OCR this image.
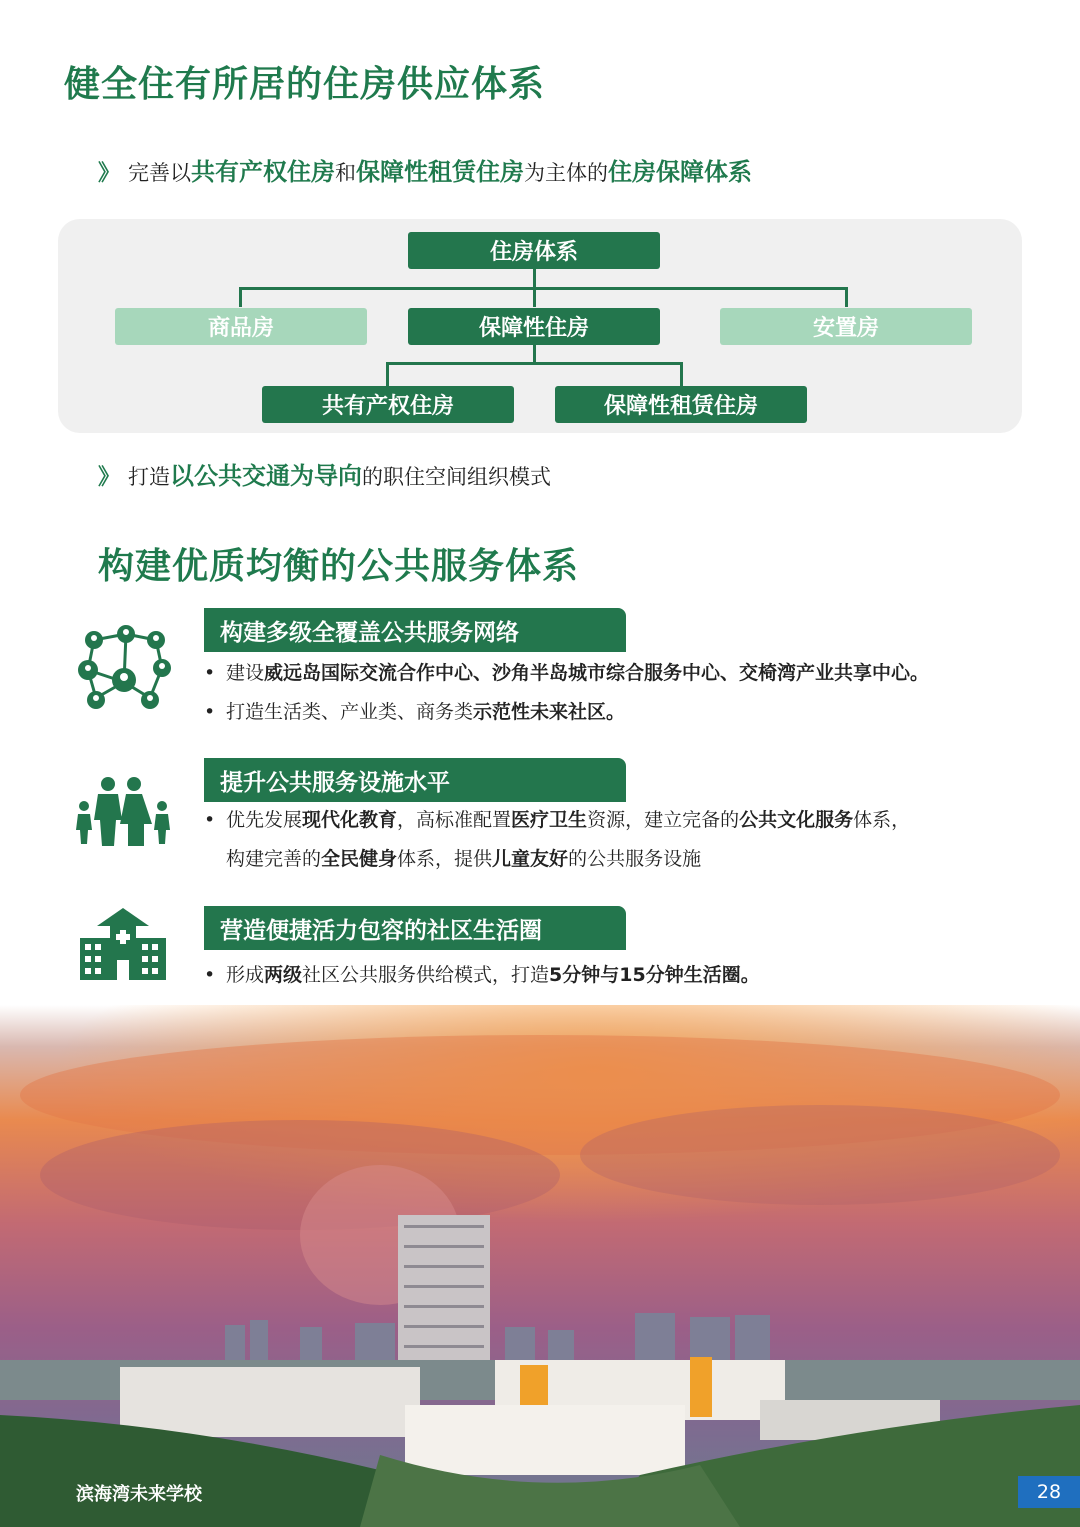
健全住有所居的住房供应体系
》 完善以共有产权住房和保障性租赁住房为主体的住房保障体系
住房体系
商品房	保障性住房	安置房
共有产权住房	保障性租赁住房
》 打造以公共交通为导向的职住空间组织模式
构建优质均衡的公共服务体系
构建多级全覆盖公共服务网络
• 建设威远岛国际交流合作中心、沙角半岛城市综合服务中心、交椅湾产业共享中心。
• 打造生活类、产业类、商务类示范性未来社区。
提升公共服务设施水平
• 优先发展现代化教育，高标准配置医疗卫生资源，建立完备的公共文化服务体系，
构建完善的全民健身体系，提供儿童友好的公共服务设施
营造便捷活力包容的社区生活圈
• 形成两级社区公共服务供给模式，打造5分钟与15分钟生活圈。
滨海湾未来学校	28
